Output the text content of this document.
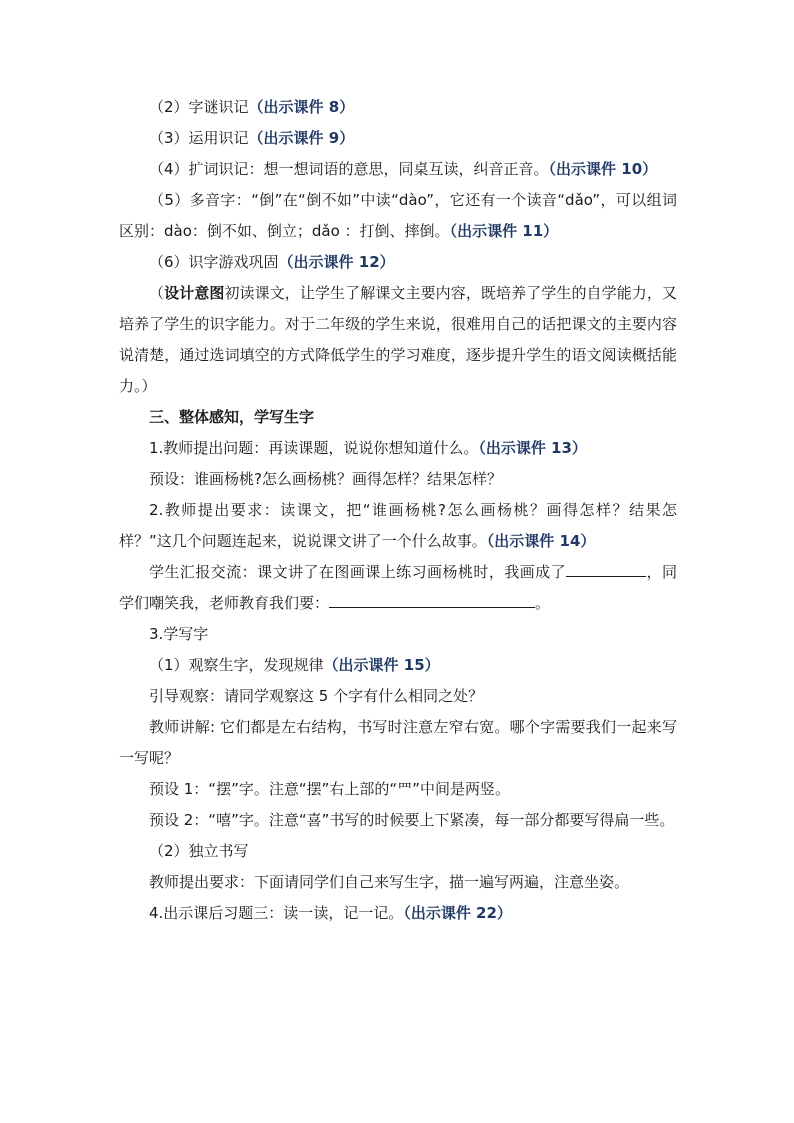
（2）字谜识记（出示课件 8）

（3）运用识记（出示课件 9）

（4）扩词识记：想一想词语的意思，同桌互读，纠音正音。（出示课件 10）

（5）多音字：“倒”在“倒不如”中读“dào”，它还有一个读音“dǎo”，可以组词区别：dào：倒不如、倒立；dǎo ：打倒、摔倒。（出示课件 11）

（6）识字游戏巩固（出示课件 12）

（设计意图初读课文，让学生了解课文主要内容，既培养了学生的自学能力，又培养了学生的识字能力。对于二年级的学生来说，很难用自己的话把课文的主要内容说清楚，通过选词填空的方式降低学生的学习难度，逐步提升学生的语文阅读概括能力。）

三、整体感知，学写生字

1.教师提出问题：再读课题，说说你想知道什么。（出示课件 13）

预设：谁画杨桃?怎么画杨桃？画得怎样？结果怎样？

2.教师提出要求：读课文，把“谁画杨桃?怎么画杨桃？画得怎样？结果怎样？”这几个问题连起来，说说课文讲了一个什么故事。（出示课件 14）

学生汇报交流：课文讲了在图画课上练习画杨桃时，我画成了	，同学们嘲笑我，老师教育我们要：	。

3.学写字

（1）观察生字，发现规律（出示课件 15）

引导观察：请同学观察这 5 个字有什么相同之处？

教师讲解: 它们都是左右结构，书写时注意左窄右宽。哪个字需要我们一起来写一写呢？

预设 1：“摆”字。注意“摆”右上部的“罒”中间是两竖。

预设 2：“嘻”字。注意“喜”书写的时候要上下紧凑，每一部分都要写得扁一些。

（2）独立书写

教师提出要求：下面请同学们自己来写生字，描一遍写两遍，注意坐姿。

4.出示课后习题三：读一读，记一记。（出示课件 22）
